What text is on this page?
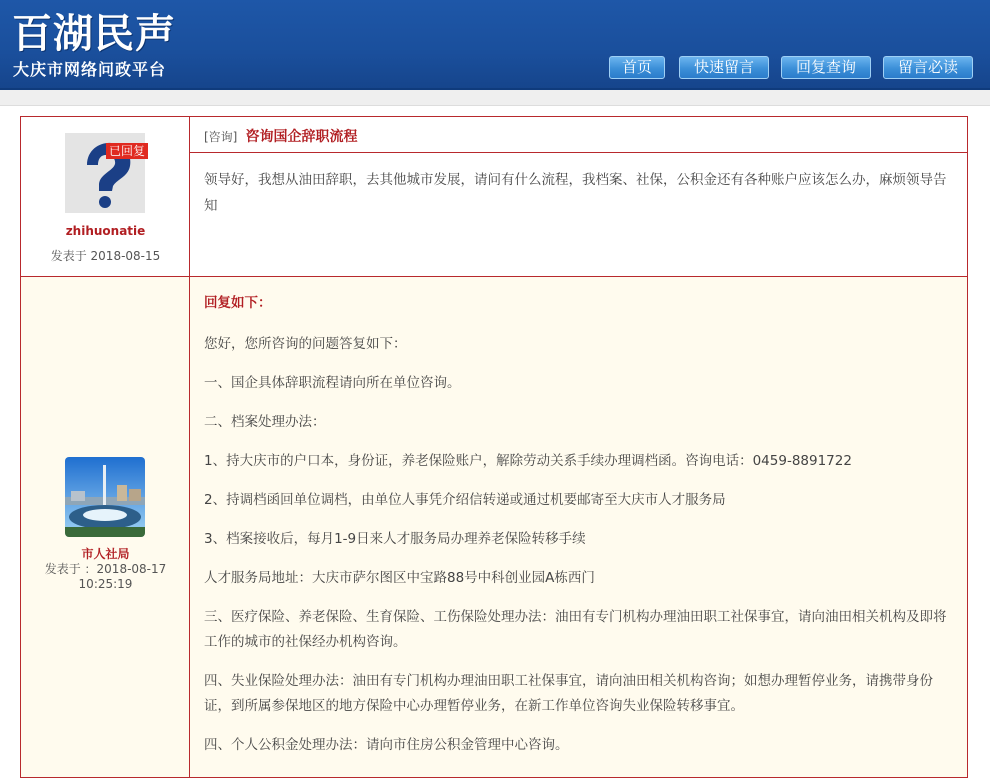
百湖民声
大庆市网络问政平台	首页	快速留言	回复查询	留言必读
已回复
zhihuonatie
发表于 2018-08-15
[咨询] 咨询国企辞职流程
领导好，我想从油田辞职，去其他城市发展，请问有什么流程，我档案、社保，公积金还有各种账户应该怎么办，麻烦领导告知
市人社局
发表于 ：2018-08-17
10:25:19
回复如下：
您好，您所咨询的问题答复如下：
一、国企具体辞职流程请向所在单位咨询。
二、档案处理办法：
1、持大庆市的户口本，身份证，养老保险账户，解除劳动关系手续办理调档函。咨询电话：0459-8891722
2、持调档函回单位调档，由单位人事凭介绍信转递或通过机要邮寄至大庆市人才服务局
3、档案接收后，每月1-9日来人才服务局办理养老保险转移手续
人才服务局地址：大庆市萨尔图区中宝路88号中科创业园A栋西门
三、医疗保险、养老保险、生育保险、工伤保险处理办法：油田有专门机构办理油田职工社保事宜，请向油田相关机构及即将工作的城市的社保经办机构咨询。
四、失业保险处理办法：油田有专门机构办理油田职工社保事宜，请向油田相关机构咨询；如想办理暂停业务，请携带身份证，到所属参保地区的地方保险中心办理暂停业务，在新工作单位咨询失业保险转移事宜。
四、个人公积金处理办法：请向市住房公积金管理中心咨询。
